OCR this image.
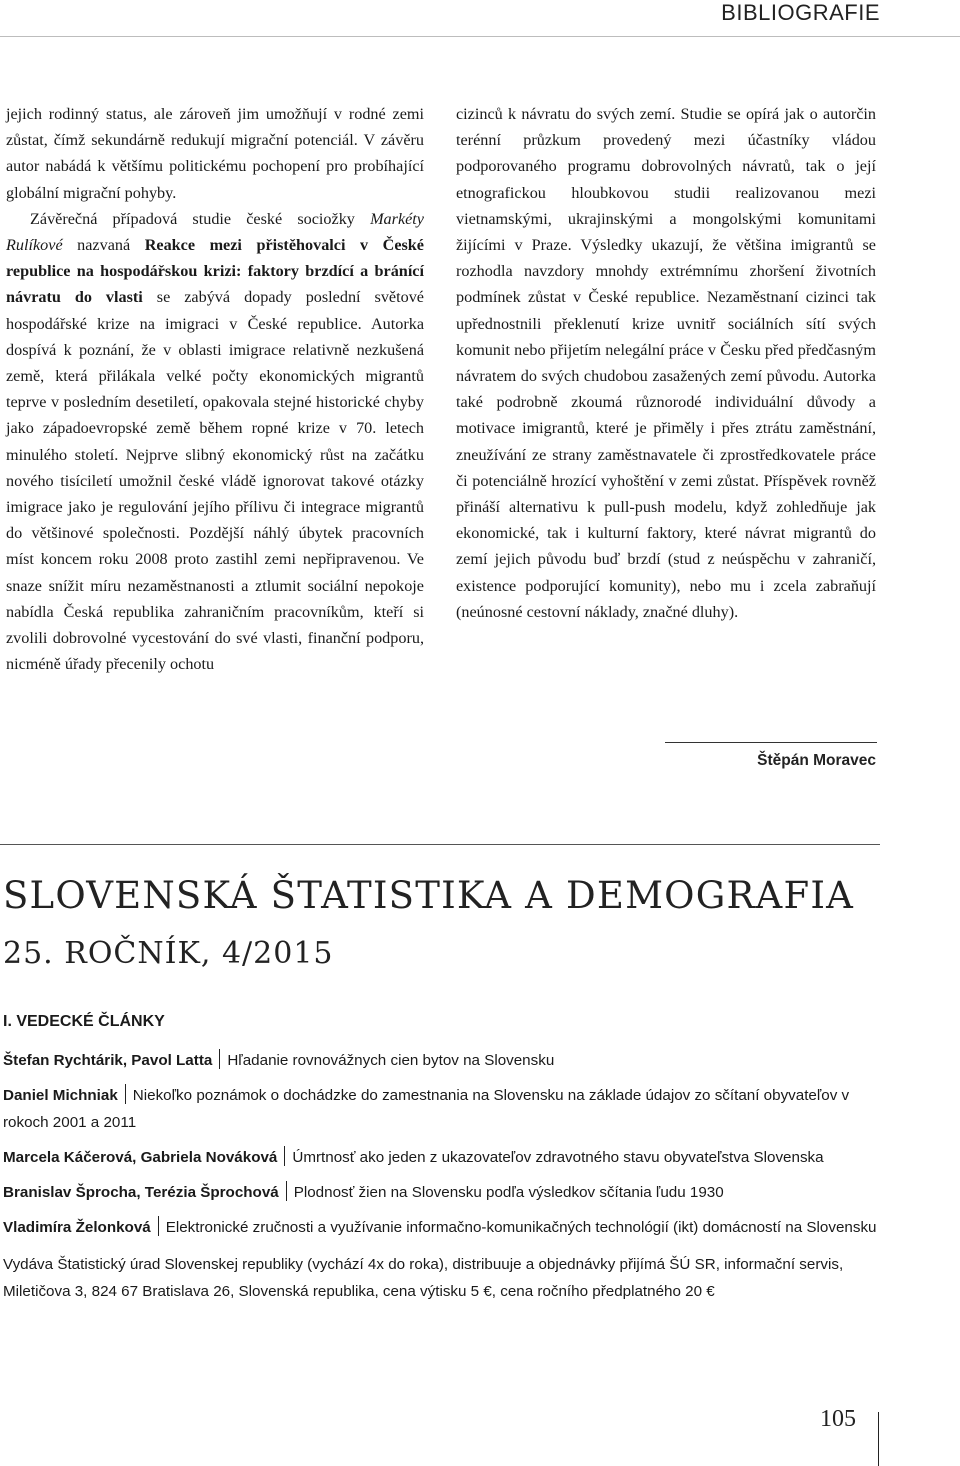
BIBLIOGRAFIE

jejich rodinný status, ale zároveň jim umožňují v rodné zemi zůstat, čímž sekundárně redukují migrační potenciál. V závěru autor nabádá k většímu politickému pochopení pro probíhající globální migrační pohyby.

Závěrečná případová studie české sociožky Markéty Rulíkové nazvaná Reakce mezi přistěhovalci v České republice na hospodářskou krizi: faktory brzdící a bránící návratu do vlasti se zabývá dopady poslední světové hospodářské krize na imigraci v České republice. Autorka dospívá k poznání, že v oblasti imigrace relativně nezkušená země, která přilákala velké počty ekonomických migrantů teprve v posledním desetiletí, opakovala stejné historické chyby jako západoevropské země během ropné krize v 70. letech minulého století. Nejprve slibný ekonomický růst na začátku nového tisíciletí umožnil české vládě ignorovat takové otázky imigrace jako je regulování jejího přílivu či integrace migrantů do většinové společnosti. Pozdější náhlý úbytek pracovních míst koncem roku 2008 proto zastihl zemi nepřipravenou. Ve snaze snížit míru nezaměstnanosti a ztlumit sociální nepokoje nabídla Česká republika zahraničním pracovníkům, kteří si zvolili dobrovolné vycestování do své vlasti, finanční podporu, nicméně úřady přecenily ochotu

cizinců k návratu do svých zemí. Studie se opírá jak o autorčin terénní průzkum provedený mezi účastníky vládou podporovaného programu dobrovolných návratů, tak o její etnografickou hloubkovou studii realizovanou mezi vietnamskými, ukrajinskými a mongolskými komunitami žijícími v Praze. Výsledky ukazují, že většina imigrantů se rozhodla navzdory mnohdy extrémnímu zhoršení životních podmínek zůstat v České republice. Nezaměstnaní cizinci tak upřednostnili překlenutí krize uvnitř sociálních sítí svých komunit nebo přijetím nelegální práce v Česku před předčasným návratem do svých chudobou zasažených zemí původu. Autorka také podrobně zkoumá různorodé individuální důvody a motivace imigrantů, které je přiměly i přes ztrátu zaměstnání, zneužívání ze strany zaměstnavatele či zprostředkovatele práce či potenciálně hrozící vyhoštění v zemi zůstat. Příspěvek rovněž přináší alternativu k pull-push modelu, když zohledňuje jak ekonomické, tak i kulturní faktory, které návrat migrantů do zemí jejich původu buď brzdí (stud z neúspěchu v zahraničí, existence podporující komunity), nebo mu i zcela zabraňují (neúnosné cestovní náklady, značné dluhy).

Štěpán Moravec
SLOVENSKÁ ŠTATISTIKA A DEMOGRAFIA
25. ROČNÍK, 4/2015
I. VEDECKÉ ČLÁNKY
Štefan Rychtárik, Pavol Latta Hľadanie rovnovážnych cien bytov na Slovensku
Daniel Michniak Niekoľko poznámok o dochádzke do zamestnania na Slovensku na základe údajov zo sčítaní obyvateľov v rokoch 2001 a 2011
Marcela Káčerová, Gabriela Nováková Úmrtnosť ako jeden z ukazovateľov zdravotného stavu obyvateľstva Slovenska
Branislav Šprocha, Terézia Šprochová Plodnosť žien na Slovensku podľa výsledkov sčítania ľudu 1930
Vladimíra Želonková Elektronické zručnosti a využívanie informačno-komunikačných technológií (ikt) domácností na Slovensku
Vydáva Štatistický úrad Slovenskej republiky (vychází 4x do roka), distribuuje a objednávky přijímá ŠÚ SR, informační servis, Miletičova 3, 824 67 Bratislava 26, Slovenská republika, cena výtisku 5 €, cena ročního předplatného 20 €
105
